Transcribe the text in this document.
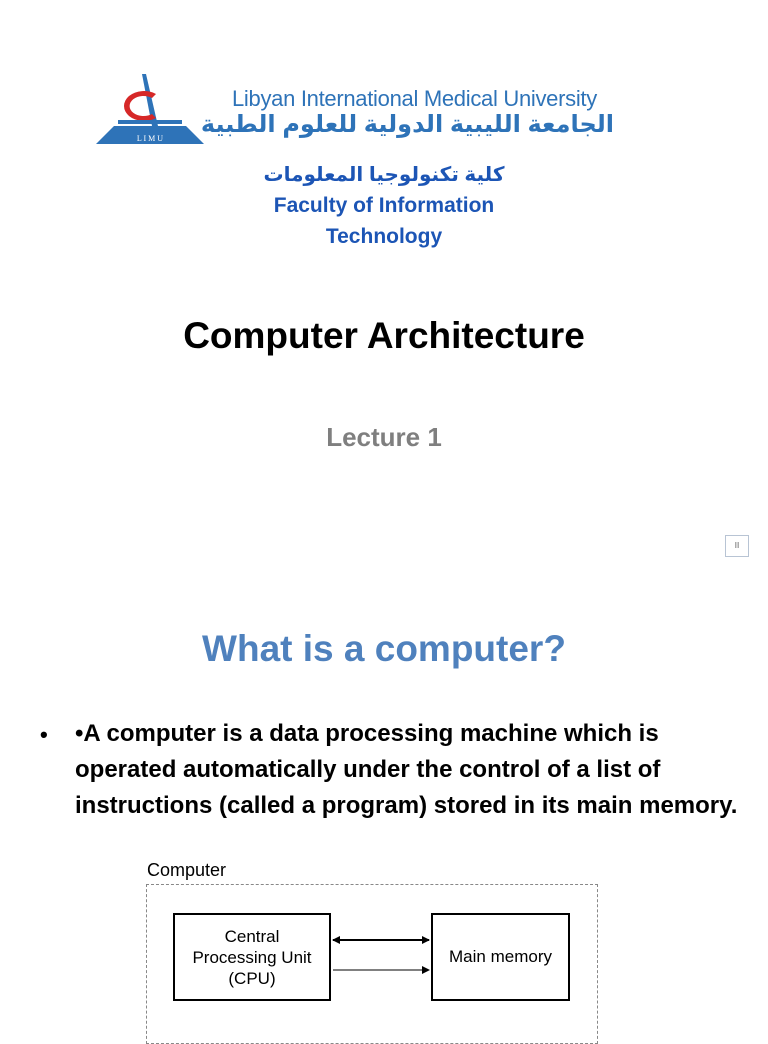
L I M U
Libyan International Medical University
الجامعة الليبية الدولية للعلوم الطبية
كلية تكنولوجيا المعلومات
Faculty of Information
Technology
Computer Architecture
Lecture 1
II
What is a computer?
• •A computer is a data processing machine which is operated automatically under the control of a list of instructions (called a program) stored in its main memory.
Computer
Central
Processing Unit
(CPU)
Main memory
